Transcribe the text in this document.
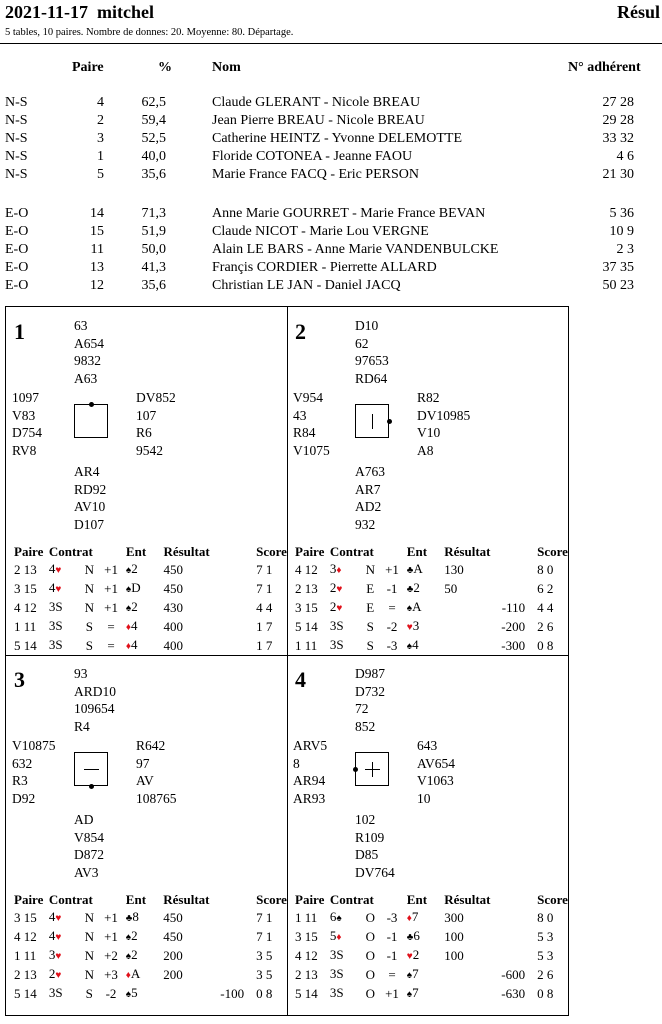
2021-11-17  mitchel	Résul
5 tables, 10 paires. Nombre de donnes: 20. Moyenne: 80. Départage.
Paire	%	Nom	N° adhérent
N-S	4	62,5	Claude GLERANT - Nicole BREAU	27 28
N-S	2	59,4	Jean Pierre BREAU - Nicole BREAU	29 28
N-S	3	52,5	Catherine HEINTZ - Yvonne DELEMOTTE	33 32
N-S	1	40,0	Floride COTONEA - Jeanne FAOU	4 6
N-S	5	35,6	Marie France FACQ - Eric PERSON	21 30
E-O	14	71,3	Anne Marie GOURRET - Marie France BEVAN	5 36
E-O	15	51,9	Claude NICOT - Marie Lou VERGNE	10 9
E-O	11	50,0	Alain LE BARS - Anne Marie VANDENBULCKE	2 3
E-O	13	41,3	Françis CORDIER - Pierrette ALLARD	37 35
E-O	12	35,6	Christian LE JAN - Daniel JACQ	50 23
1	63
A654
9832
A63
1097
V83
D754
RV8
DV852
107
R6
9542
AR4
RD92
AV10
D107
Paire	Contrat			Ent	Résultat		Score
2 13	4♥	N	+1	♠2	450		7 1
3 15	4♥	N	+1	♠D	450		7 1
4 12	3S	N	+1	♠2	430		4 4
1 11	3S	S	=	♦4	400		1 7
5 14	3S	S	=	♦4	400		1 7
2	D10
62
97653
RD64
V954
43
R84
V1075
R82
DV10985
V10
A8
A763
AR7
AD2
932
Paire	Contrat			Ent	Résultat		Score
4 12	3♦	N	+1	♣A	130		8 0
2 13	2♥	E	-1	♣2	50		6 2
3 15	2♥	E	=	♠A		-110	4 4
5 14	3S	S	-2	♥3		-200	2 6
1 11	3S	S	-3	♠4		-300	0 8
3	93
ARD10
109654
R4
V10875
632
R3
D92
R642
97
AV
108765
AD
V854
D872
AV3
Paire	Contrat			Ent	Résultat		Score
3 15	4♥	N	+1	♣8	450		7 1
4 12	4♥	N	+1	♠2	450		7 1
1 11	3♥	N	+2	♠2	200		3 5
2 13	2♥	N	+3	♦A	200		3 5
5 14	3S	S	-2	♠5		-100	0 8
4	D987
D732
72
852
ARV5
8
AR94
AR93
643
AV654
V1063
10
102
R109
D85
DV764
Paire	Contrat			Ent	Résultat		Score
1 11	6♠	O	-3	♦7	300		8 0
3 15	5♦	O	-1	♣6	100		5 3
4 12	3S	O	-1	♥2	100		5 3
2 13	3S	O	=	♠7		-600	2 6
5 14	3S	O	+1	♠7		-630	0 8
